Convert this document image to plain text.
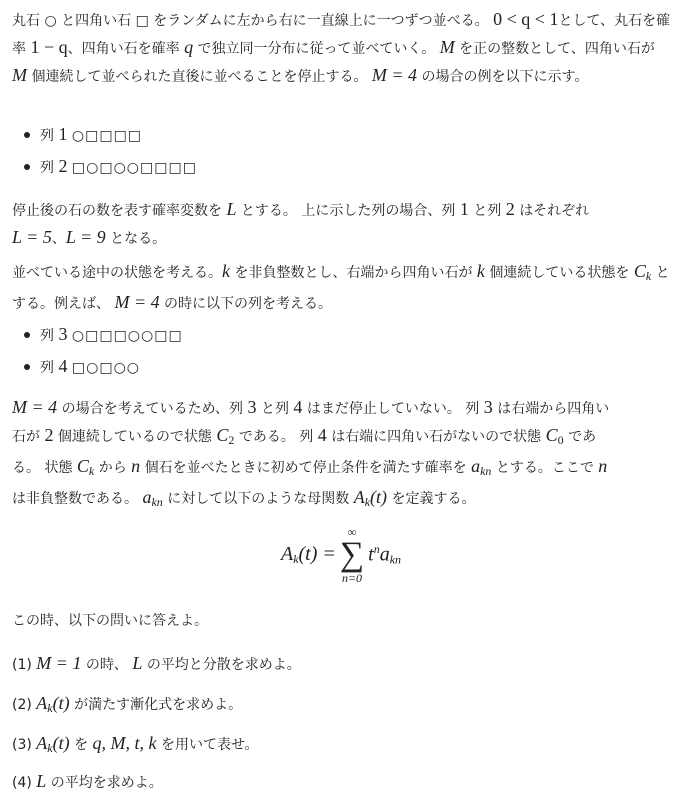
丸石 ○ と四角い石 □ をランダムに左から右に一直線上に一つずつ並べる。 0 < q < 1として、丸石を確率 1 − q、四角い石を確率 q で独立同一分布に従って並べていく。 M を正の整数として、四角い石が M 個連続して並べられた直後に並べることを停止する。 M = 4 の場合の例を以下に示す。

列 1 ○□□□□
列 2 □○□○○□□□□

停止後の石の数を表す確率変数を L とする。 上に示した列の場合、列 1 と列 2 はそれぞれ
L = 5、L = 9 となる。

並べている途中の状態を考える。k を非負整数とし、右端から四角い石が k 個連続している状態を $C_k$ とする。例えば、 M = 4 の時に以下の列を考える。

列 3 ○□□□○○□□
列 4 □○□○○

M = 4 の場合を考えているため、列 3 と列 4 はまだ停止していない。 列 3 は右端から四角い
石が 2 個連続しているので状態 $C_2$ である。 列 4 は右端に四角い石がないので状態 $C_0$ であ
る。 状態 $C_k$ から n 個石を並べたときに初めて停止条件を満たす確率を $a_{kn}$ とする。ここで n
は非負整数である。 $a_{kn}$ に対して以下のような母関数 $A_k(t)$ を定義する。

$A_k(t)$ =
∞
∑
n=0
$t^na_{kn}$

この時、以下の問いに答えよ。

(1) M = 1 の時、 L の平均と分散を求めよ。

(2) $A_k(t)$ が満たす漸化式を求めよ。

(3) $A_k(t)$ を q, M, t, k を用いて表せ。

(4) L の平均を求めよ。
